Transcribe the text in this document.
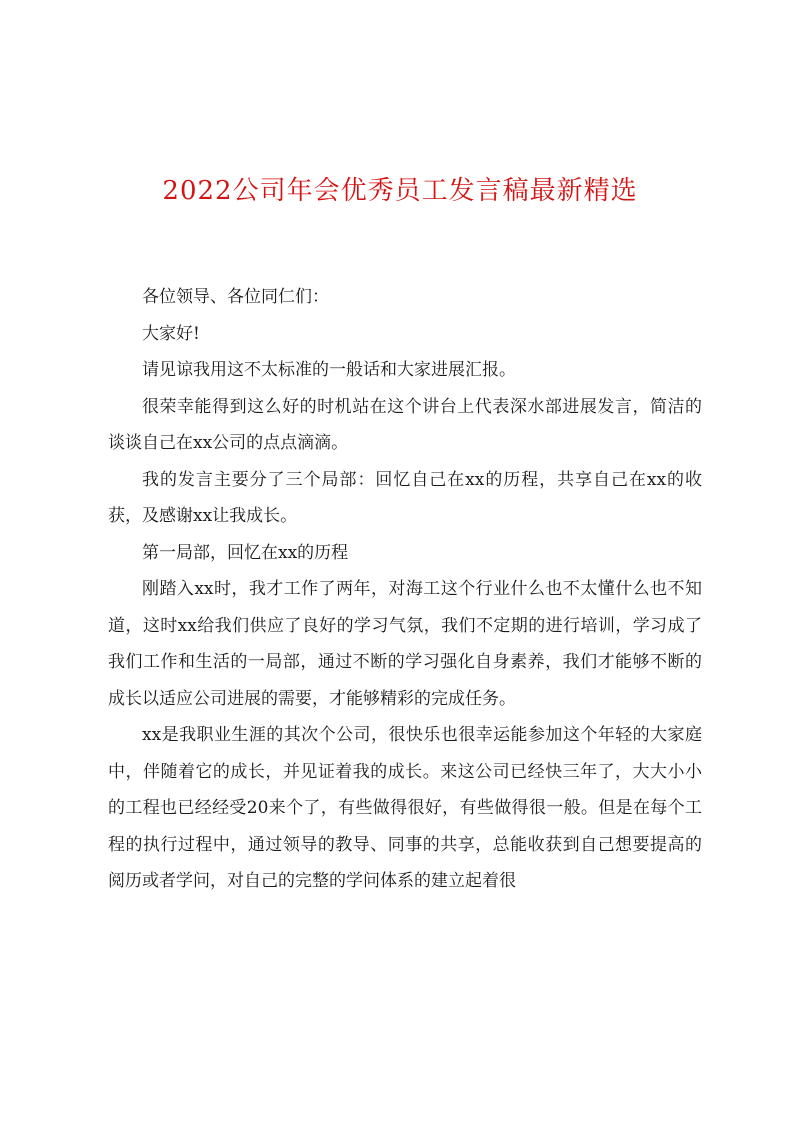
2022公司年会优秀员工发言稿最新精选

各位领导、各位同仁们：

大家好!

请见谅我用这不太标准的一般话和大家进展汇报。

很荣幸能得到这么好的时机站在这个讲台上代表深水部进展发言，简洁的谈谈自己在xx公司的点点滴滴。

我的发言主要分了三个局部：回忆自己在xx的历程，共享自己在xx的收获，及感谢xx让我成长。

第一局部，回忆在xx的历程

刚踏入xx时，我才工作了两年，对海工这个行业什么也不太懂什么也不知道，这时xx给我们供应了良好的学习气氛，我们不定期的进行培训，学习成了我们工作和生活的一局部，通过不断的学习强化自身素养，我们才能够不断的成长以适应公司进展的需要，才能够精彩的完成任务。

xx是我职业生涯的其次个公司，很快乐也很幸运能参加这个年轻的大家庭中，伴随着它的成长，并见证着我的成长。来这公司已经快三年了，大大小小的工程也已经经受20来个了，有些做得很好，有些做得很一般。但是在每个工程的执行过程中，通过领导的教导、同事的共享，总能收获到自己想要提高的阅历或者学问，对自己的完整的学问体系的建立起着很
